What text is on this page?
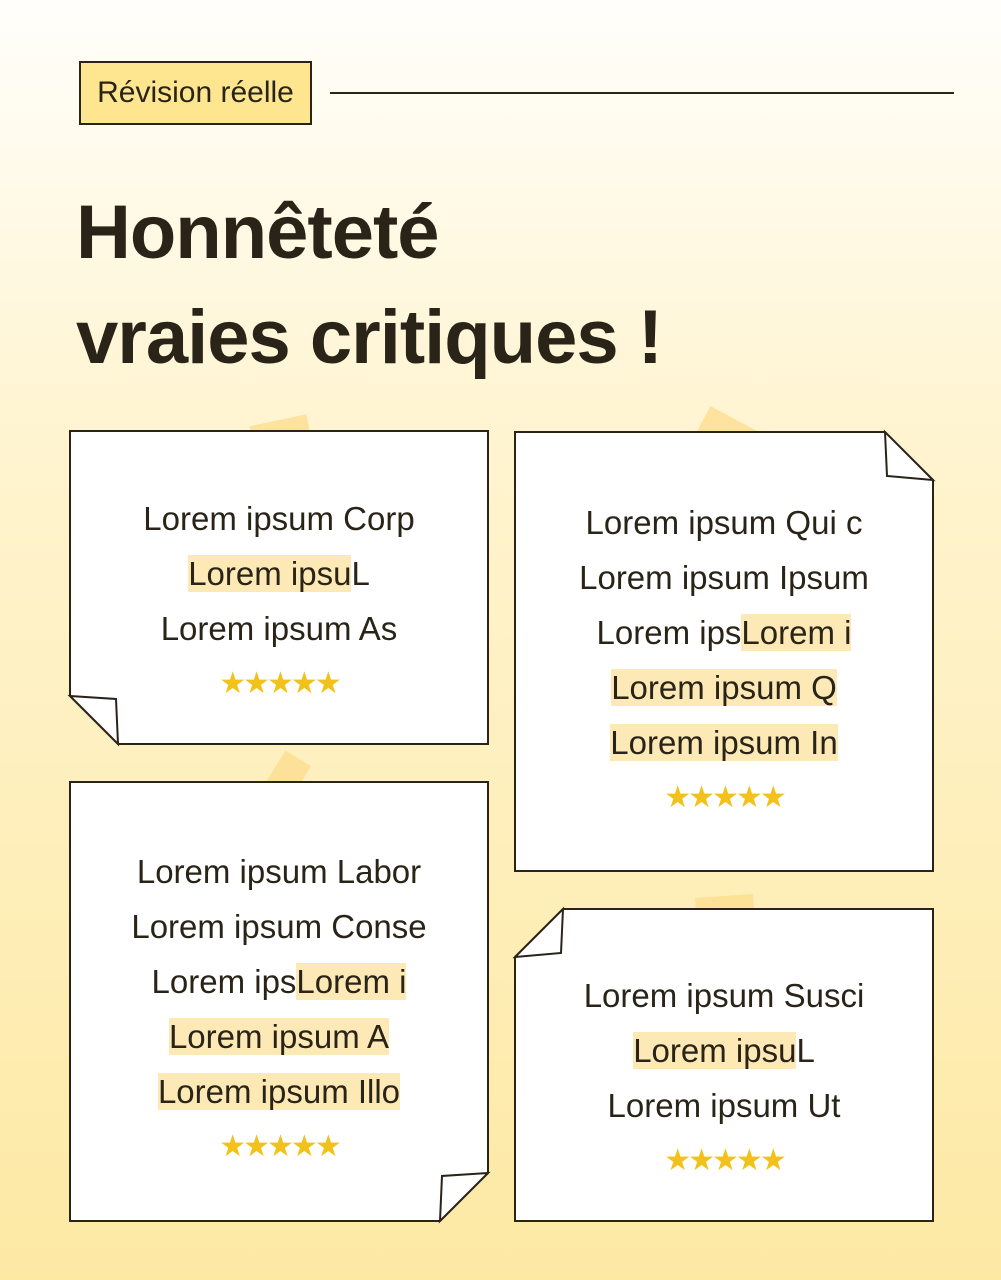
Révision réelle
Honnêteté
vraies critiques !
Lorem ipsum Corp
Lorem ipsuL
Lorem ipsum As
★★★★★
Lorem ipsum Qui c
Lorem ipsum Ipsum
Lorem ipsLorem i
Lorem ipsum Q
Lorem ipsum In
★★★★★
Lorem ipsum Labor
Lorem ipsum Conse
Lorem ipsLorem i
Lorem ipsum A
Lorem ipsum Illo
★★★★★
Lorem ipsum Susci
Lorem ipsuL
Lorem ipsum Ut
★★★★★
